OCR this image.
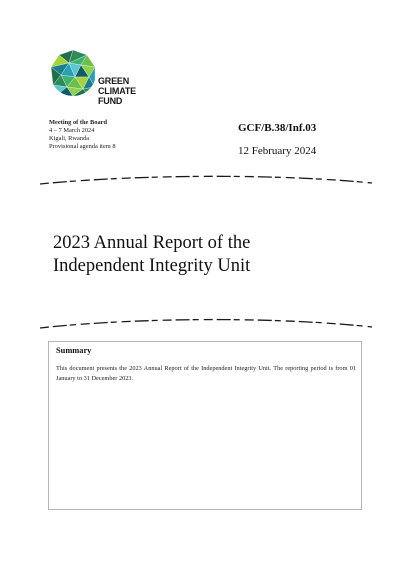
GREEN
CLIMATE
FUND
Meeting of the Board
4 – 7 March 2024
Kigali, Rwanda
Provisional agenda item 8
GCF/B.38/Inf.03
12 February 2024
2023 Annual Report of the
Independent Integrity Unit
Summary
This document presents the 2023 Annual Report of the Independent Integrity Unit. The reporting period is from 01 January to 31 December 2023.
